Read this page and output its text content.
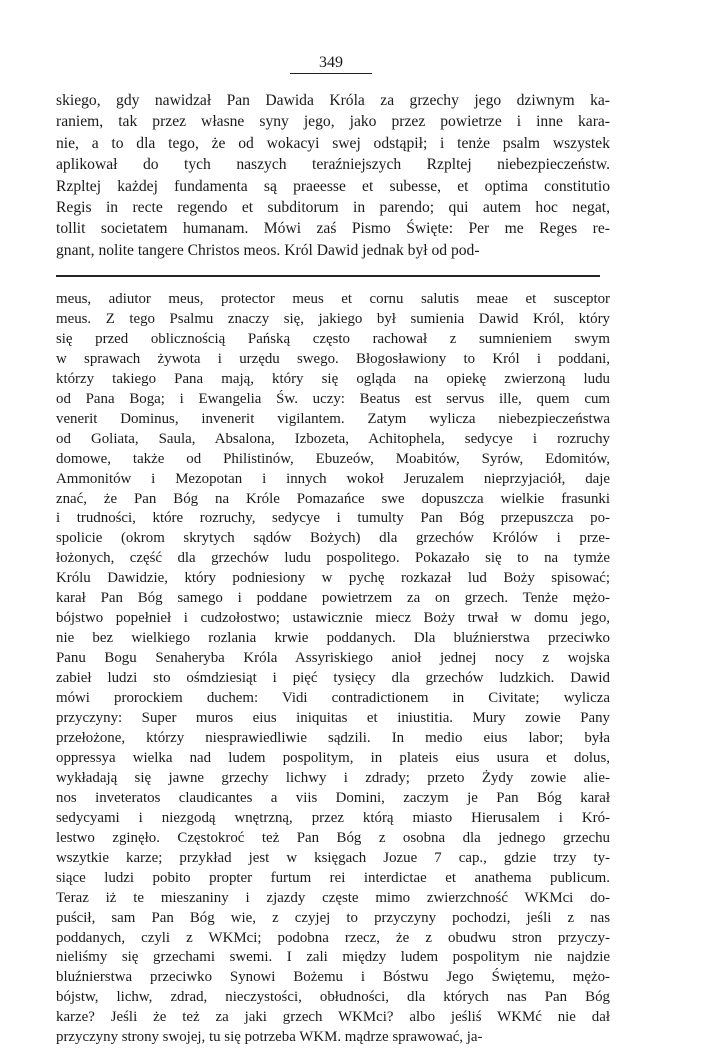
349
skiego, gdy nawidzał Pan Dawida Króla za grzechy jego dziwnym ka-
raniem, tak przez własne syny jego, jako przez powietrze i inne kara-
nie, a to dla tego, że od wokacyi swej odstąpił; i tenże psalm wszystek
aplikował do tych naszych teraźniejszych Rzpltej niebezpieczeństw.
Rzpltej każdej fundamenta są praeesse et subesse, et optima constitutio
Regis in recte regendo et subditorum in parendo; qui autem hoc negat,
tollit societatem humanam. Mówi zaś Pismo Święte: Per me Reges re-
gnant, nolite tangere Christos meos. Król Dawid jednak był od pod-
meus, adiutor meus, protector meus et cornu salutis meae et susceptor
meus. Z tego Psalmu znaczy się, jakiego był sumienia Dawid Król, który
się przed oblicznością Pańską często rachował z sumnieniem swym
w sprawach żywota i urzędu swego. Błogosławiony to Król i poddani,
którzy takiego Pana mają, który się ogląda na opiekę zwierzoną ludu
od Pana Boga; i Ewangelia Św. uczy: Beatus est servus ille, quem cum
venerit Dominus, invenerit vigilantem. Zatym wylicza niebezpieczeństwa
od Goliata, Saula, Absalona, Izbozeta, Achitophela, sedycye i rozruchy
domowe, także od Philistinów, Ebuzeów, Moabitów, Syrów, Edomitów,
Ammonitów i Mezopotan i innych wokoł Jeruzalem nieprzyjaciół, daje
znać, że Pan Bóg na Króle Pomazańce swe dopuszcza wielkie frasunki
i trudności, które rozruchy, sedycye i tumulty Pan Bóg przepuszcza po-
spolicie (okrom skrytych sądów Bożych) dla grzechów Królów i prze-
łożonych, część dla grzechów ludu pospolitego. Pokazało się to na tymże
Królu Dawidzie, który podniesiony w pychę rozkazał lud Boży spisować;
karał Pan Bóg samego i poddane powietrzem za on grzech. Tenże mężo-
bójstwo popełnieł i cudzołostwo; ustawicznie miecz Boży trwał w domu jego,
nie bez wielkiego rozlania krwie poddanych. Dla bluźnierstwa przeciwko
Panu Bogu Senaheryba Króla Assyriskiego anioł jednej nocy z wojska
zabieł ludzi sto ośmdziesiąt i pięć tysięcy dla grzechów ludzkich. Dawid
mówi prorockiem duchem: Vidi contradictionem in Civitate; wylicza
przyczyny: Super muros eius iniquitas et iniustitia. Mury zowie Pany
przełożone, którzy niesprawiedliwie sądzili. In medio eius labor; była
oppressya wielka nad ludem pospolitym, in plateis eius usura et dolus,
wykładają się jawne grzechy lichwy i zdrady; przeto Żydy zowie alie-
nos inveteratos claudicantes a viis Domini, zaczym je Pan Bóg karał
sedycyami i niezgodą wnętrzną, przez którą miasto Hierusalem i Kró-
lestwo zginęło. Częstokroć też Pan Bóg z osobna dla jednego grzechu
wszytkie karze; przykład jest w księgach Jozue 7 cap., gdzie trzy ty-
siące ludzi pobito propter furtum rei interdictae et anathema publicum.
Teraz iż te mieszaniny i zjazdy częste mimo zwierzchność WKMci do-
puścił, sam Pan Bóg wie, z czyjej to przyczyny pochodzi, jeśli z nas
poddanych, czyli z WKMci; podobna rzecz, że z obudwu stron przyczy-
nieliśmy się grzechami swemi. I zali między ludem pospolitym nie najdzie
bluźnierstwa przeciwko Synowi Bożemu i Bóstwu Jego Świętemu, mężo-
bójstw, lichw, zdrad, nieczystości, obłudności, dla których nas Pan Bóg
karze? Jeśli że też za jaki grzech WKMci? albo jeśliś WKMć nie dał
przyczyny strony swojej, tu się potrzeba WKM. mądrze sprawować, ja-
